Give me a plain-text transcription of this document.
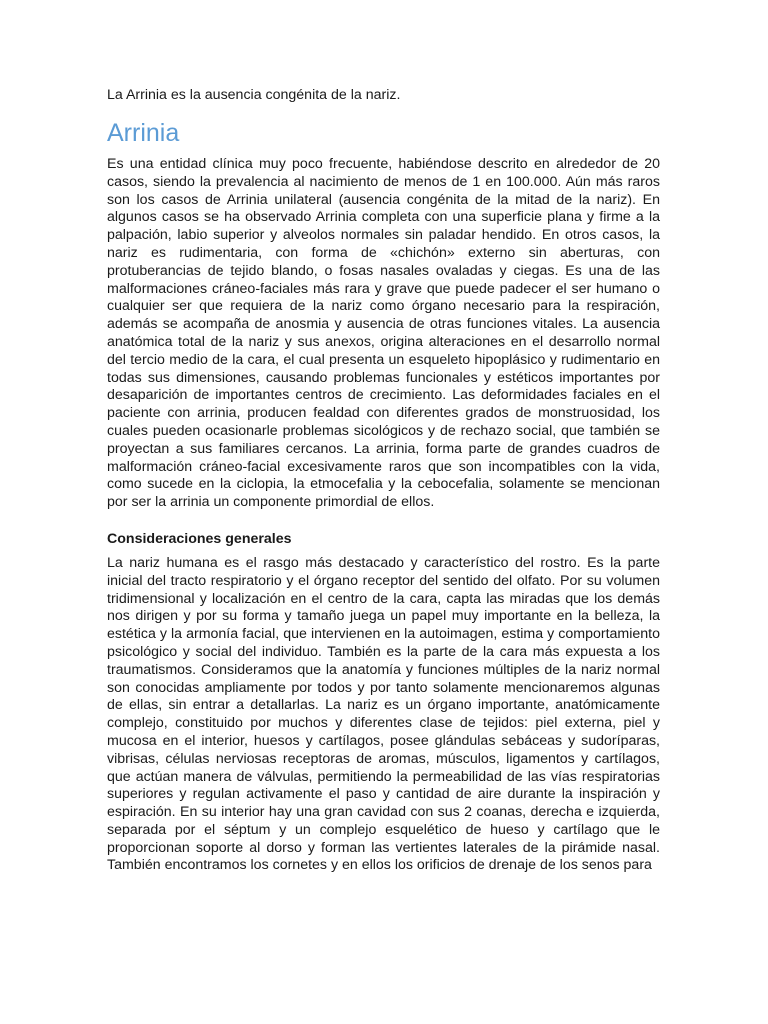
La Arrinia es la ausencia congénita de la nariz.

Arrinia

Es una entidad clínica muy poco frecuente, habiéndose descrito en alrededor de 20 casos, siendo la prevalencia al nacimiento de menos de 1 en 100.000. Aún más raros son los casos de Arrinia unilateral (ausencia congénita de la mitad de la nariz). En algunos casos se ha observado Arrinia completa con una superficie plana y firme a la palpación, labio superior y alveolos normales sin paladar hendido. En otros casos, la nariz es rudimentaria, con forma de «chichón» externo sin aberturas, con protuberancias de tejido blando, o fosas nasales ovaladas y ciegas. Es una de las malformaciones cráneo-faciales más rara y grave que puede padecer el ser humano o cualquier ser que requiera de la nariz como órgano necesario para la respiración, además se acompaña de anosmia y ausencia de otras funciones vitales. La ausencia anatómica total de la nariz y sus anexos, origina alteraciones en el desarrollo normal del tercio medio de la cara, el cual presenta un esqueleto hipoplásico y rudimentario en todas sus dimensiones, causando problemas funcionales y estéticos importantes por desaparición de importantes centros de crecimiento. Las deformidades faciales en el paciente con arrinia, producen fealdad con diferentes grados de monstruosidad, los cuales pueden ocasionarle problemas sicológicos y de rechazo social, que también se proyectan a sus familiares cercanos. La arrinia, forma parte de grandes cuadros de malformación cráneo-facial excesivamente raros que son incompatibles con la vida, como sucede en la ciclopia, la etmocefalia y la cebocefalia, solamente se mencionan por ser la arrinia un componente primordial de ellos.

Consideraciones generales

La nariz humana es el rasgo más destacado y característico del rostro. Es la parte inicial del tracto respiratorio y el órgano receptor del sentido del olfato. Por su volumen tridimensional y localización en el centro de la cara, capta las miradas que los demás nos dirigen y por su forma y tamaño juega un papel muy importante en la belleza, la estética y la armonía facial, que intervienen en la autoimagen, estima y comportamiento psicológico y social del individuo. También es la parte de la cara más expuesta a los traumatismos. Consideramos que la anatomía y funciones múltiples de la nariz normal son conocidas ampliamente por todos y por tanto solamente mencionaremos algunas de ellas, sin entrar a detallarlas. La nariz es un órgano importante, anatómicamente complejo, constituido por muchos y diferentes clase de tejidos: piel externa, piel y mucosa en el interior, huesos y cartílagos, posee glándulas sebáceas y sudoríparas, vibrisas, células nerviosas receptoras de aromas, músculos, ligamentos y cartílagos, que actúan manera de válvulas, permitiendo la permeabilidad de las vías respiratorias superiores y regulan activamente el paso y cantidad de aire durante la inspiración y espiración. En su interior hay una gran cavidad con sus 2 coanas, derecha e izquierda, separada por el séptum y un complejo esquelético de hueso y cartílago que le proporcionan soporte al dorso y forman las vertientes laterales de la pirámide nasal. También encontramos los cornetes y en ellos los orificios de drenaje de los senos para
